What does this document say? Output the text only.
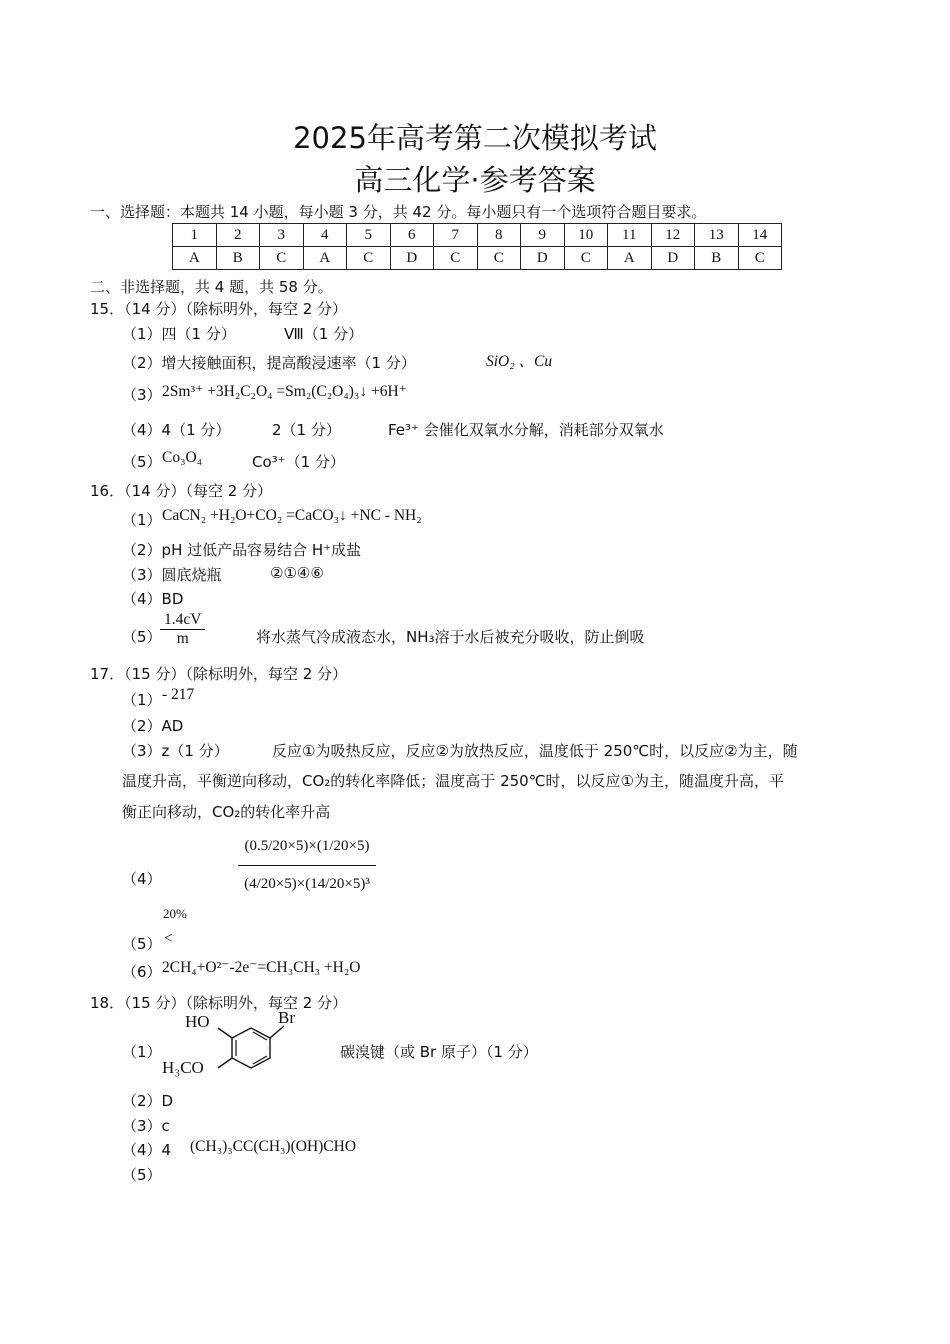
2025年高考第二次模拟考试
高三化学·参考答案
一、选择题：本题共 14 小题，每小题 3 分，共 42 分。每小题只有一个选项符合题目要求。
1	2	3	4	5	6	7	8	9	10	11	12	13	14
A	B	C	A	C	D	C	C	D	C	A	D	B	C
二、非选择题，共 4 题，共 58 分。
15．（14 分）（除标明外，每空 2 分）
（1）四（1 分）	Ⅷ（1 分）
（2）增大接触面积，提高酸浸速率（1 分）	SiO₂ 、Cu
（3） 2Sm³⁺ +3H₂C₂O₄ =Sm₂(C₂O₄)₃↓ +6H⁺
（4）4（1 分）	2（1 分）	Fe³⁺ 会催化双氧水分解，消耗部分双氧水
（5） Co₃O₄	Co³⁺（1 分）
16．（14 分）（每空 2 分）
（1） CaCN₂ +H₂O+CO₂ =CaCO₃↓ +NC - NH₂
（2）pH 过低产品容易结合 H⁺成盐
（3）圆底烧瓶	②①④⑥
（4）BD
（5）
$\frac{1.4cV}{m}$	将水蒸气冷成液态水，NH₃溶于水后被充分吸收，防止倒吸
17．（15 分）（除标明外，每空 2 分）
（1） - 217
（2）AD
（3）z（1 分）	反应①为吸热反应，反应②为放热反应，温度低于 250℃时，以反应②为主，随
温度升高，平衡逆向移动，CO₂的转化率降低；温度高于 250℃时，以反应①为主，随温度升高，平
衡正向移动，CO₂的转化率升高
（4）
20%
$\frac{(0.5/20\times 5)\times(1/20\times 5)}{\text{(4/20×5)×(14/20×5)³}}$
（5） <
（6） 2CH₄+O²⁻-2e⁻=CH₃CH₃ +H₂O
18．（15 分）（除标明外，每空 2 分）
（1）
HO	Br
H₃CO
碳溴键（或 Br 原子）（1 分）
（2）D
（3）c
（4）4 (CH₃)₃CC(CH₃)(OH)CHO
（5）
